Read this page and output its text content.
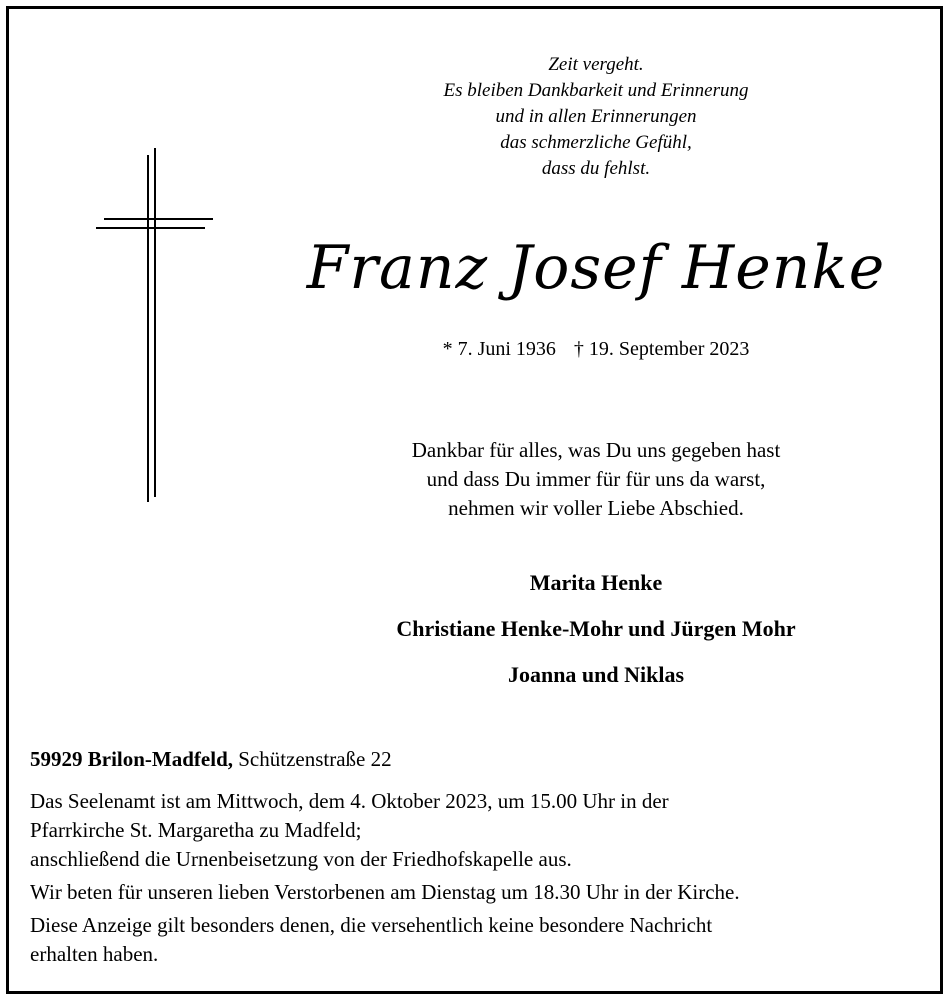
Zeit vergeht.
Es bleiben Dankbarkeit und Erinnerung
und in allen Erinnerungen
das schmerzliche Gefühl,
dass du fehlst.
Franz Josef Henke
* 7. Juni 1936 † 19. September 2023
Dankbar für alles, was Du uns gegeben hast
und dass Du immer für für uns da warst,
nehmen wir voller Liebe Abschied.
Marita Henke
Christiane Henke-Mohr und Jürgen Mohr
Joanna und Niklas
59929 Brilon-Madfeld, Schützenstraße 22
Das Seelenamt ist am Mittwoch, dem 4. Oktober 2023, um 15.00 Uhr in der
Pfarrkirche St. Margaretha zu Madfeld;
anschließend die Urnenbeisetzung von der Friedhofskapelle aus.
Wir beten für unseren lieben Verstorbenen am Dienstag um 18.30 Uhr in der Kirche.
Diese Anzeige gilt besonders denen, die versehentlich keine besondere Nachricht
erhalten haben.
